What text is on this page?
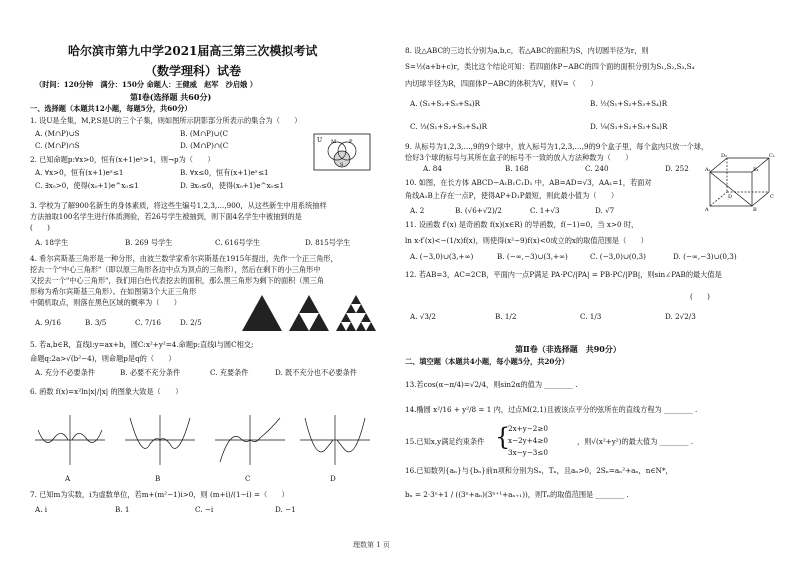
哈尔滨市第九中学2021届高三第三次模拟考试
（数学理科）试卷
（时间：120分钟　满分：150分 命题人：王健威　赵军　沙启娥 ）
第Ⅰ卷(选择题 共60分)
一、选择题（本题共12小题，每题5分，共60分）
1. 设U是全集，M,P,S是U的三个子集，则如图所示阴影部分所表示的集合为（　　）
A. (M∩P)∪S	B. (M∩P)∪(C
C. (M∩P)∩S	D. (M∩P)∩(C
U M	P
S
2. 已知命题p:∀x>0，恒有(x+1)eˣ>1，则¬p为（　　）
A. ∀x>0，恒有(x+1)eˣ≤1	B. ∀x≤0，恒有(x+1)eˣ≤1
C. ∃x₀>0，使得(x₀+1)e^x₀≤1	D. ∃x₀≤0，使得(x₀+1)e^x₀≤1
3. 学校为了解900名新生的身体素质，将这些生编号1,2,3,…,900，从这些新生中用系统抽样
方法抽取100名学生进行体质测验，若26号学生被抽到，则下面4名学生中被抽到的是
(　　)
A. 18学生	B. 269 号学生	C. 616号学生	D. 815号学生
4. 希尔宾斯基三角形是一种分形，由波兰数学家希尔宾斯基在1915年提出，先作一个正三角形，
挖去一个"中心三角形"（即以原三角形各边中点为顶点的三角形），然后在剩下的小三角形中
又挖去一个"中心三角形"，我们用白色代表挖去的面积，那么黑三角形为剩下的面积（黑三角
形称为希尔宾斯基三角形）。在如图第3个大正三角形
中随机取点，则落在黑色区域的概率为（　　）
A. 9/16	B. 3/5	C. 7/16	D. 2/5
5. 若a,b∈R，直线l:y=ax+b，圆C:x²+y²=4.命题p:直线l与圆C相交;
命题q:2a>√(b²−4)，则命题p是q的（　　）
A. 充分不必要条件	B. 必要不充分条件	C. 充要条件	D. 既不充分也不必要条件
6. 函数 f(x)=x²ln|x|/|x| 的图象大致是（　　）
A	B	C	D
7. 已知m为实数，i为虚数单位，若m+(m²−1)i>0，则 (m+i)/(1−i) =（　　）
A. i	B. 1	C. −i	D. −1
8. 设△ABC的三边长分别为a,b,c，若△ABC的面积为S，内切圆半径为r，则
S=½(a+b+c)r，类比这个结论可知：若四面体P−ABC的四个面的面积分别为S₁,S₂,S₃,S₄
内切球半径为R，四面体P−ABC的体积为V，则V=（　　）
A. (S₁+S₂+S₃+S₄)R	B. ½(S₁+S₂+S₃+S₄)R
C. ⅓(S₁+S₂+S₃+S₄)R	D. ¼(S₁+S₂+S₃+S₄)R
9. 从标号为1,2,3,…,9的9个球中，放入标号为1,2,3,…,9的9个盒子里，每个盒内只放一个球，
恰好3个球的标号与其所在盒子的标号不一致的放入方法种数为（　　）
A. 84	B. 168	C. 240	D. 252
10. 如图，在长方体 ABCD−A₁B₁C₁D₁ 中，AB=AD=√3，AA₁=1，若面对
角线A₁B上存在一点P，使得AP+D₁P最短，则此最小值为（　　）
A. 2	B. (√6+√2)/2	C. 1+√3	D. √7
D₁	C₁
A₁	B₁
D	C
A	B
11. 设函数 f′(x) 是奇函数 f(x)(x∈R) 的导函数，f(−1)=0，当 x>0 时，
ln x·f′(x)<−(1/x)f(x)，则使得(x²−9)f(x)<0成立的x的取值范围是（　　）
A. (−3,0)∪(3,+∞)	B. (−∞,−3)∪(3,+∞)	C. (−3,0)∪(0,3)	D. (−∞,−3)∪(0,3)
12. 若AB=3，AC=2CB，平面内一点P满足 PA·PC/|PA| = PB·PC/|PB|，则sin∠PAB的最大值是
(　　)
A. √3/2	B. 1/2	C. 1/3	D. 2√2/3
第Ⅱ卷（非选择题　共90分）
二、填空题（本题共4小题，每小题5分，共20分）
13.若cos(α−π/4)=√2/4，则sin2α的值为 ________ .
14.椭圆 x²/16 + y²/8 = 1 内，过点M(2,1)且被该点平分的弦所在的直线方程为 ________ .
15.已知x,y满足约束条件 {
2x+y−2≥0
x−2y+4≥0
3x−y−3≤0
，则√(x²+y²)的最大值为 ________ .
16.已知数列{aₙ}与{bₙ}前n项和分别为Sₙ，Tₙ，且aₙ>0，2Sₙ=aₙ²+aₙ，n∈N*，
bₙ = 2·3ⁿ+1 / ((3ⁿ+aₙ)(3ⁿ⁺¹+aₙ₊₁))，则Tₙ的取值范围是 ________ .
理数第 1 页
